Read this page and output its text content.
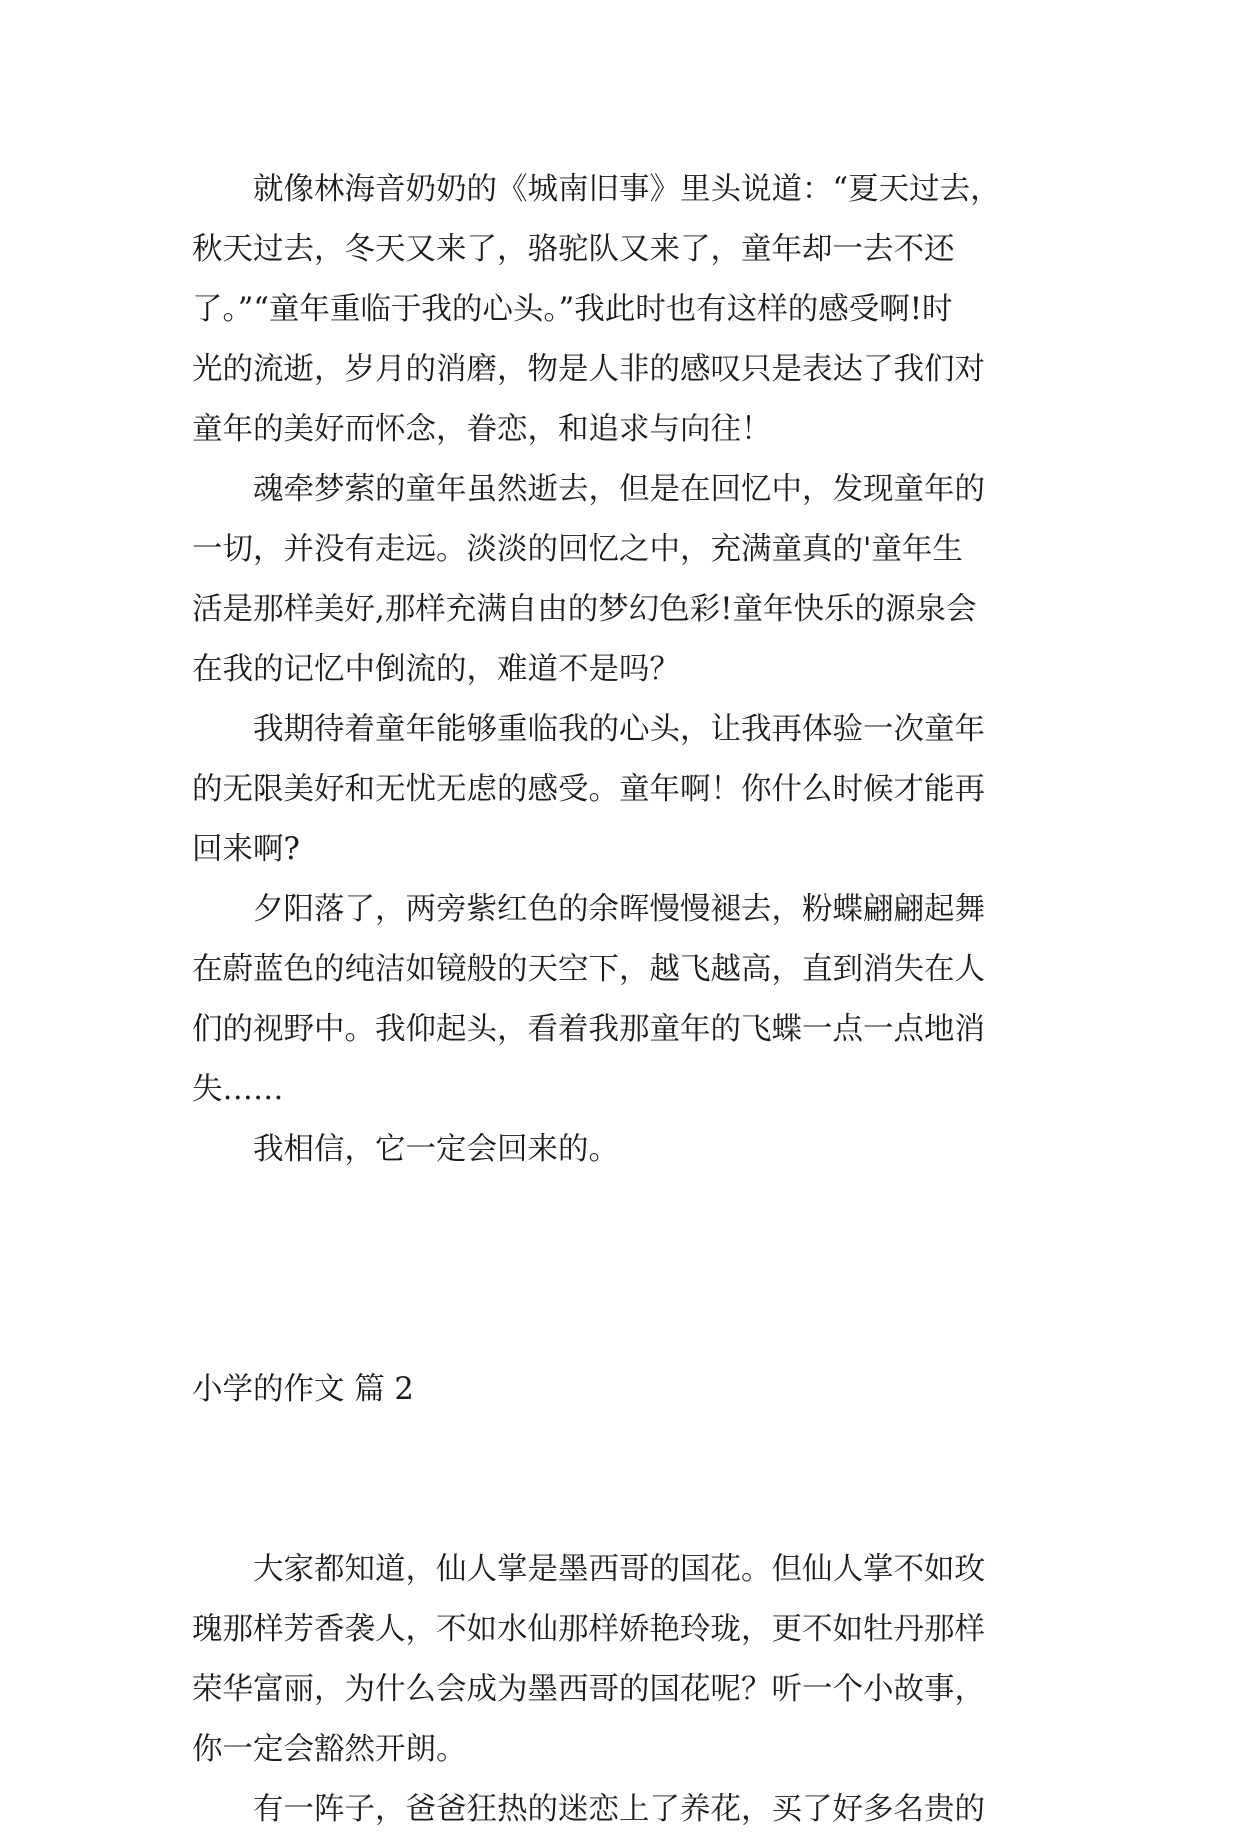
就像林海音奶奶的《城南旧事》里头说道：“夏天过去，
秋天过去，冬天又来了，骆驼队又来了，童年却一去不还
了。”“童年重临于我的心头。”我此时也有这样的感受啊!时
光的流逝，岁月的消磨，物是人非的感叹只是表达了我们对
童年的美好而怀念，眷恋，和追求与向往！
魂牵梦萦的童年虽然逝去，但是在回忆中，发现童年的
一切，并没有走远。淡淡的回忆之中，充满童真的'童年生
活是那样美好,那样充满自由的梦幻色彩!童年快乐的源泉会
在我的记忆中倒流的，难道不是吗？
我期待着童年能够重临我的心头，让我再体验一次童年
的无限美好和无忧无虑的感受。童年啊！你什么时候才能再
回来啊?
夕阳落了，两旁紫红色的余晖慢慢褪去，粉蝶翩翩起舞
在蔚蓝色的纯洁如镜般的天空下，越飞越高，直到消失在人
们的视野中。我仰起头，看着我那童年的飞蝶一点一点地消
失……
我相信，它一定会回来的。

小学的作文 篇 2

大家都知道，仙人掌是墨西哥的国花。但仙人掌不如玫
瑰那样芳香袭人，不如水仙那样娇艳玲珑，更不如牡丹那样
荣华富丽，为什么会成为墨西哥的国花呢？听一个小故事，
你一定会豁然开朗。
有一阵子，爸爸狂热的迷恋上了养花，买了好多名贵的
